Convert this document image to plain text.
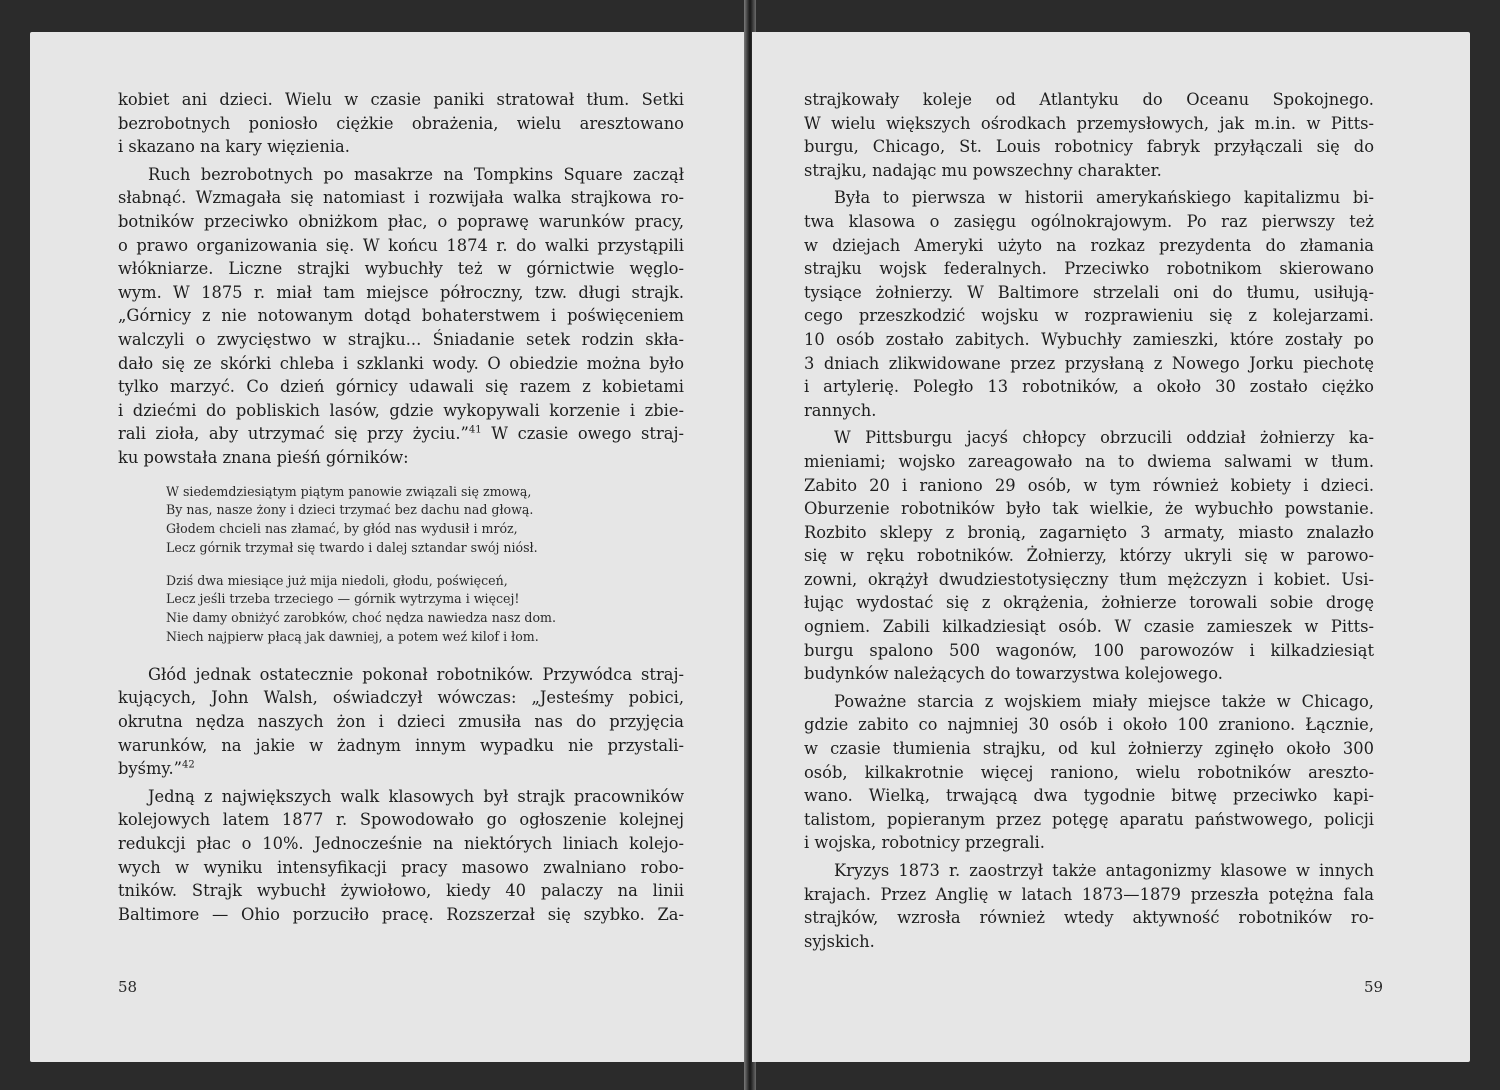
kobiet ani dzieci. Wielu w czasie paniki stratował tłum. Setki
bezrobotnych poniosło ciężkie obrażenia, wielu aresztowano
i skazano na kary więzienia.
Ruch bezrobotnych po masakrze na Tompkins Square zaczął
słabnąć. Wzmagała się natomiast i rozwijała walka strajkowa ro-
botników przeciwko obniżkom płac, o poprawę warunków pracy,
o prawo organizowania się. W końcu 1874 r. do walki przystąpili
włókniarze. Liczne strajki wybuchły też w górnictwie węglo-
wym. W 1875 r. miał tam miejsce półroczny, tzw. długi strajk.
„Górnicy z nie notowanym dotąd bohaterstwem i poświęceniem
walczyli o zwycięstwo w strajku... Śniadanie setek rodzin skła-
dało się ze skórki chleba i szklanki wody. O obiedzie można było
tylko marzyć. Co dzień górnicy udawali się razem z kobietami
i dziećmi do pobliskich lasów, gdzie wykopywali korzenie i zbie-
rali zioła, aby utrzymać się przy życiu.”$^{41}$ W czasie owego straj-
ku powstała znana pieśń górników:
W siedemdziesiątym piątym panowie związali się zmową,
By nas, nasze żony i dzieci trzymać bez dachu nad głową.
Głodem chcieli nas złamać, by głód nas wydusił i mróz,
Lecz górnik trzymał się twardo i dalej sztandar swój niósł.
Dziś dwa miesiące już mija niedoli, głodu, poświęceń,
Lecz jeśli trzeba trzeciego — górnik wytrzyma i więcej!
Nie damy obniżyć zarobków, choć nędza nawiedza nasz dom.
Niech najpierw płacą jak dawniej, a potem weź kilof i łom.
Głód jednak ostatecznie pokonał robotników. Przywódca straj-
kujących, John Walsh, oświadczył wówczas: „Jesteśmy pobici,
okrutna nędza naszych żon i dzieci zmusiła nas do przyjęcia
warunków, na jakie w żadnym innym wypadku nie przystali-
byśmy.”$^{42}$
Jedną z największych walk klasowych był strajk pracowników
kolejowych latem 1877 r. Spowodowało go ogłoszenie kolejnej
redukcji płac o 10%. Jednocześnie na niektórych liniach kolejo-
wych w wyniku intensyfikacji pracy masowo zwalniano robo-
tników. Strajk wybuchł żywiołowo, kiedy 40 palaczy na linii
Baltimore — Ohio porzuciło pracę. Rozszerzał się szybko. Za-
58
strajkowały koleje od Atlantyku do Oceanu Spokojnego.
W wielu większych ośrodkach przemysłowych, jak m.in. w Pitts-
burgu, Chicago, St. Louis robotnicy fabryk przyłączali się do
strajku, nadając mu powszechny charakter.
Była to pierwsza w historii amerykańskiego kapitalizmu bi-
twa klasowa o zasięgu ogólnokrajowym. Po raz pierwszy też
w dziejach Ameryki użyto na rozkaz prezydenta do złamania
strajku wojsk federalnych. Przeciwko robotnikom skierowano
tysiące żołnierzy. W Baltimore strzelali oni do tłumu, usiłują-
cego przeszkodzić wojsku w rozprawieniu się z kolejarzami.
10 osób zostało zabitych. Wybuchły zamieszki, które zostały po
3 dniach zlikwidowane przez przysłaną z Nowego Jorku piechotę
i artylerię. Poległo 13 robotników, a około 30 zostało ciężko
rannych.
W Pittsburgu jacyś chłopcy obrzucili oddział żołnierzy ka-
mieniami; wojsko zareagowało na to dwiema salwami w tłum.
Zabito 20 i raniono 29 osób, w tym również kobiety i dzieci.
Oburzenie robotników było tak wielkie, że wybuchło powstanie.
Rozbito sklepy z bronią, zagarnięto 3 armaty, miasto znalazło
się w ręku robotników. Żołnierzy, którzy ukryli się w parowo-
zowni, okrążył dwudziestotysięczny tłum mężczyzn i kobiet. Usi-
łując wydostać się z okrążenia, żołnierze torowali sobie drogę
ogniem. Zabili kilkadziesiąt osób. W czasie zamieszek w Pitts-
burgu spalono 500 wagonów, 100 parowozów i kilkadziesiąt
budynków należących do towarzystwa kolejowego.
Poważne starcia z wojskiem miały miejsce także w Chicago,
gdzie zabito co najmniej 30 osób i około 100 zraniono. Łącznie,
w czasie tłumienia strajku, od kul żołnierzy zginęło około 300
osób, kilkakrotnie więcej raniono, wielu robotników areszto-
wano. Wielką, trwającą dwa tygodnie bitwę przeciwko kapi-
talistom, popieranym przez potęgę aparatu państwowego, policji
i wojska, robotnicy przegrali.
Kryzys 1873 r. zaostrzył także antagonizmy klasowe w innych
krajach. Przez Anglię w latach 1873—1879 przeszła potężna fala
strajków, wzrosła również wtedy aktywność robotników ro-
syjskich.
59
